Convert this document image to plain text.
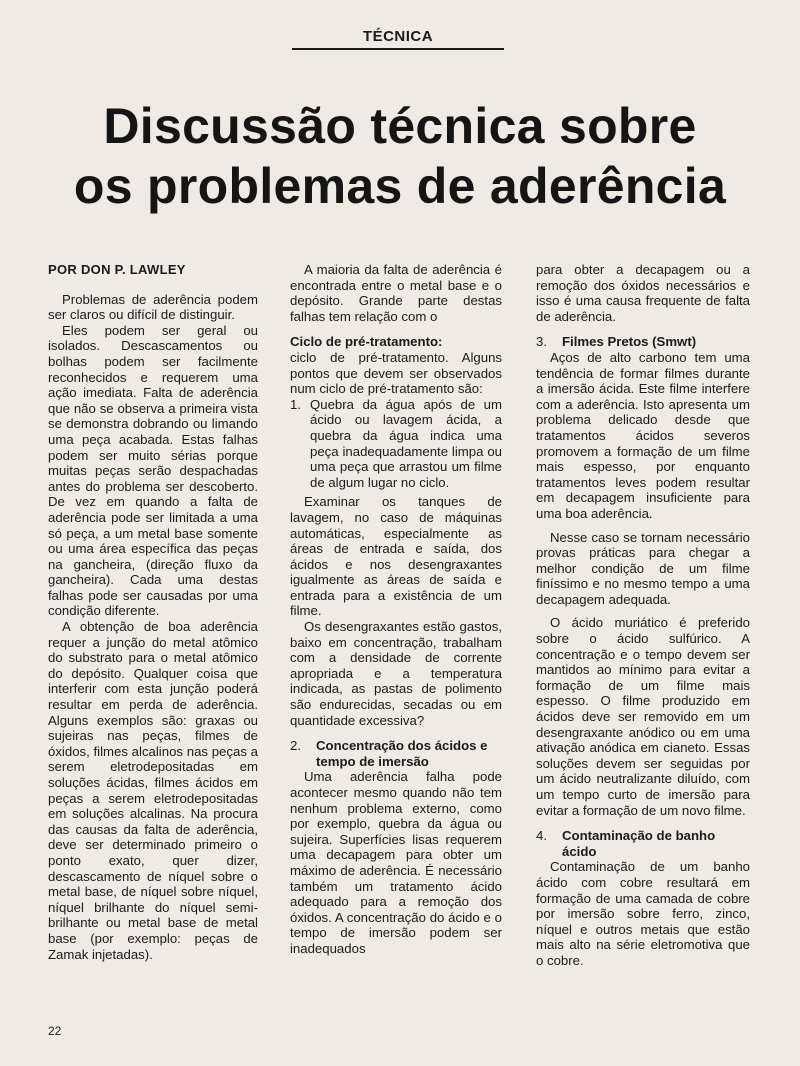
TÉCNICA
Discussão técnica sobre
os problemas de aderência

POR DON P. LAWLEY

Problemas de aderência podem ser claros ou difícil de distinguir.

Eles podem ser geral ou isolados. Descascamentos ou bolhas podem ser facilmente reconhecidos e requerem uma ação imediata. Falta de aderência que não se observa a primeira vista se demonstra dobrando ou limando uma peça acabada. Estas falhas podem ser muito sérias porque muitas peças serão despachadas antes do problema ser descoberto. De vez em quando a falta de aderência pode ser limitada a uma só peça, a um metal base somente ou uma área específica das peças na gancheira, (direção fluxo da gancheira). Cada uma destas falhas pode ser causadas por uma condição diferente.

A obtenção de boa aderência requer a junção do metal atômico do substrato para o metal atômico do depósito. Qualquer coisa que interferir com esta junção poderá resultar em perda de aderência. Alguns exemplos são: graxas ou sujeiras nas peças, filmes de óxidos, filmes alcalinos nas peças a serem eletrodepositadas em soluções ácidas, filmes ácidos em peças a serem eletrodepositadas em soluções alcalinas. Na procura das causas da falta de aderência, deve ser determinado primeiro o ponto exato, quer dizer, descascamento de níquel sobre o metal base, de níquel sobre níquel, níquel brilhante do níquel semi-brilhante ou metal base de metal base (por exemplo: peças de Zamak injetadas).

A maioria da falta de aderência é encontrada entre o metal base e o depósito. Grande parte destas falhas tem relação com o

Ciclo de pré-tratamento:

ciclo de pré-tratamento. Alguns pontos que devem ser observados num ciclo de pré-tratamento são:

1. Quebra da água após de um ácido ou lavagem ácida, a quebra da água indica uma peça inadequadamente limpa ou uma peça que arrastou um filme de algum lugar no ciclo.

Examinar os tanques de lavagem, no caso de máquinas automáticas, especialmente as áreas de entrada e saída, dos ácidos e nos desengraxantes igualmente as áreas de saída e entrada para a existência de um filme.

Os desengraxantes estão gastos, baixo em concentração, trabalham com a densidade de corrente apropriada e a temperatura indicada, as pastas de polimento são endurecidas, secadas ou em quantidade excessiva?

2.	Concentração dos ácidos e tempo de imersão

Uma aderência falha pode acontecer mesmo quando não tem nenhum problema externo, como por exemplo, quebra da água ou sujeira. Superfícies lisas requerem uma decapagem para obter um máximo de aderência. É necessário também um tratamento ácido adequado para a remoção dos óxidos. A concentração do ácido e o tempo de imersão podem ser inadequados

para obter a decapagem ou a remoção dos óxidos necessários e isso é uma causa frequente de falta de aderência.

3.	Filmes Pretos (Smwt)

Aços de alto carbono tem uma tendência de formar filmes durante a imersão ácida. Este filme interfere com a aderência. Isto apresenta um problema delicado desde que tratamentos ácidos severos promovem a formação de um filme mais espesso, por enquanto tratamentos leves podem resultar em decapagem insuficiente para uma boa aderência.

Nesse caso se tornam necessário provas práticas para chegar a melhor condição de um filme finíssimo e no mesmo tempo a uma decapagem adequada.

O ácido muriático é preferido sobre o ácido sulfúrico. A concentração e o tempo devem ser mantidos ao mínimo para evitar a formação de um filme mais espesso. O filme produzido em ácidos deve ser removido em um desengraxante anódico ou em uma ativação anódica em cianeto. Essas soluções devem ser seguidas por um ácido neutralizante diluído, com um tempo curto de imersão para evitar a formação de um novo filme.

4.	Contaminação de banho ácido

Contaminação de um banho ácido com cobre resultará em formação de uma camada de cobre por imersão sobre ferro, zinco, níquel e outros metais que estão mais alto na série eletromotiva que o cobre.

22
